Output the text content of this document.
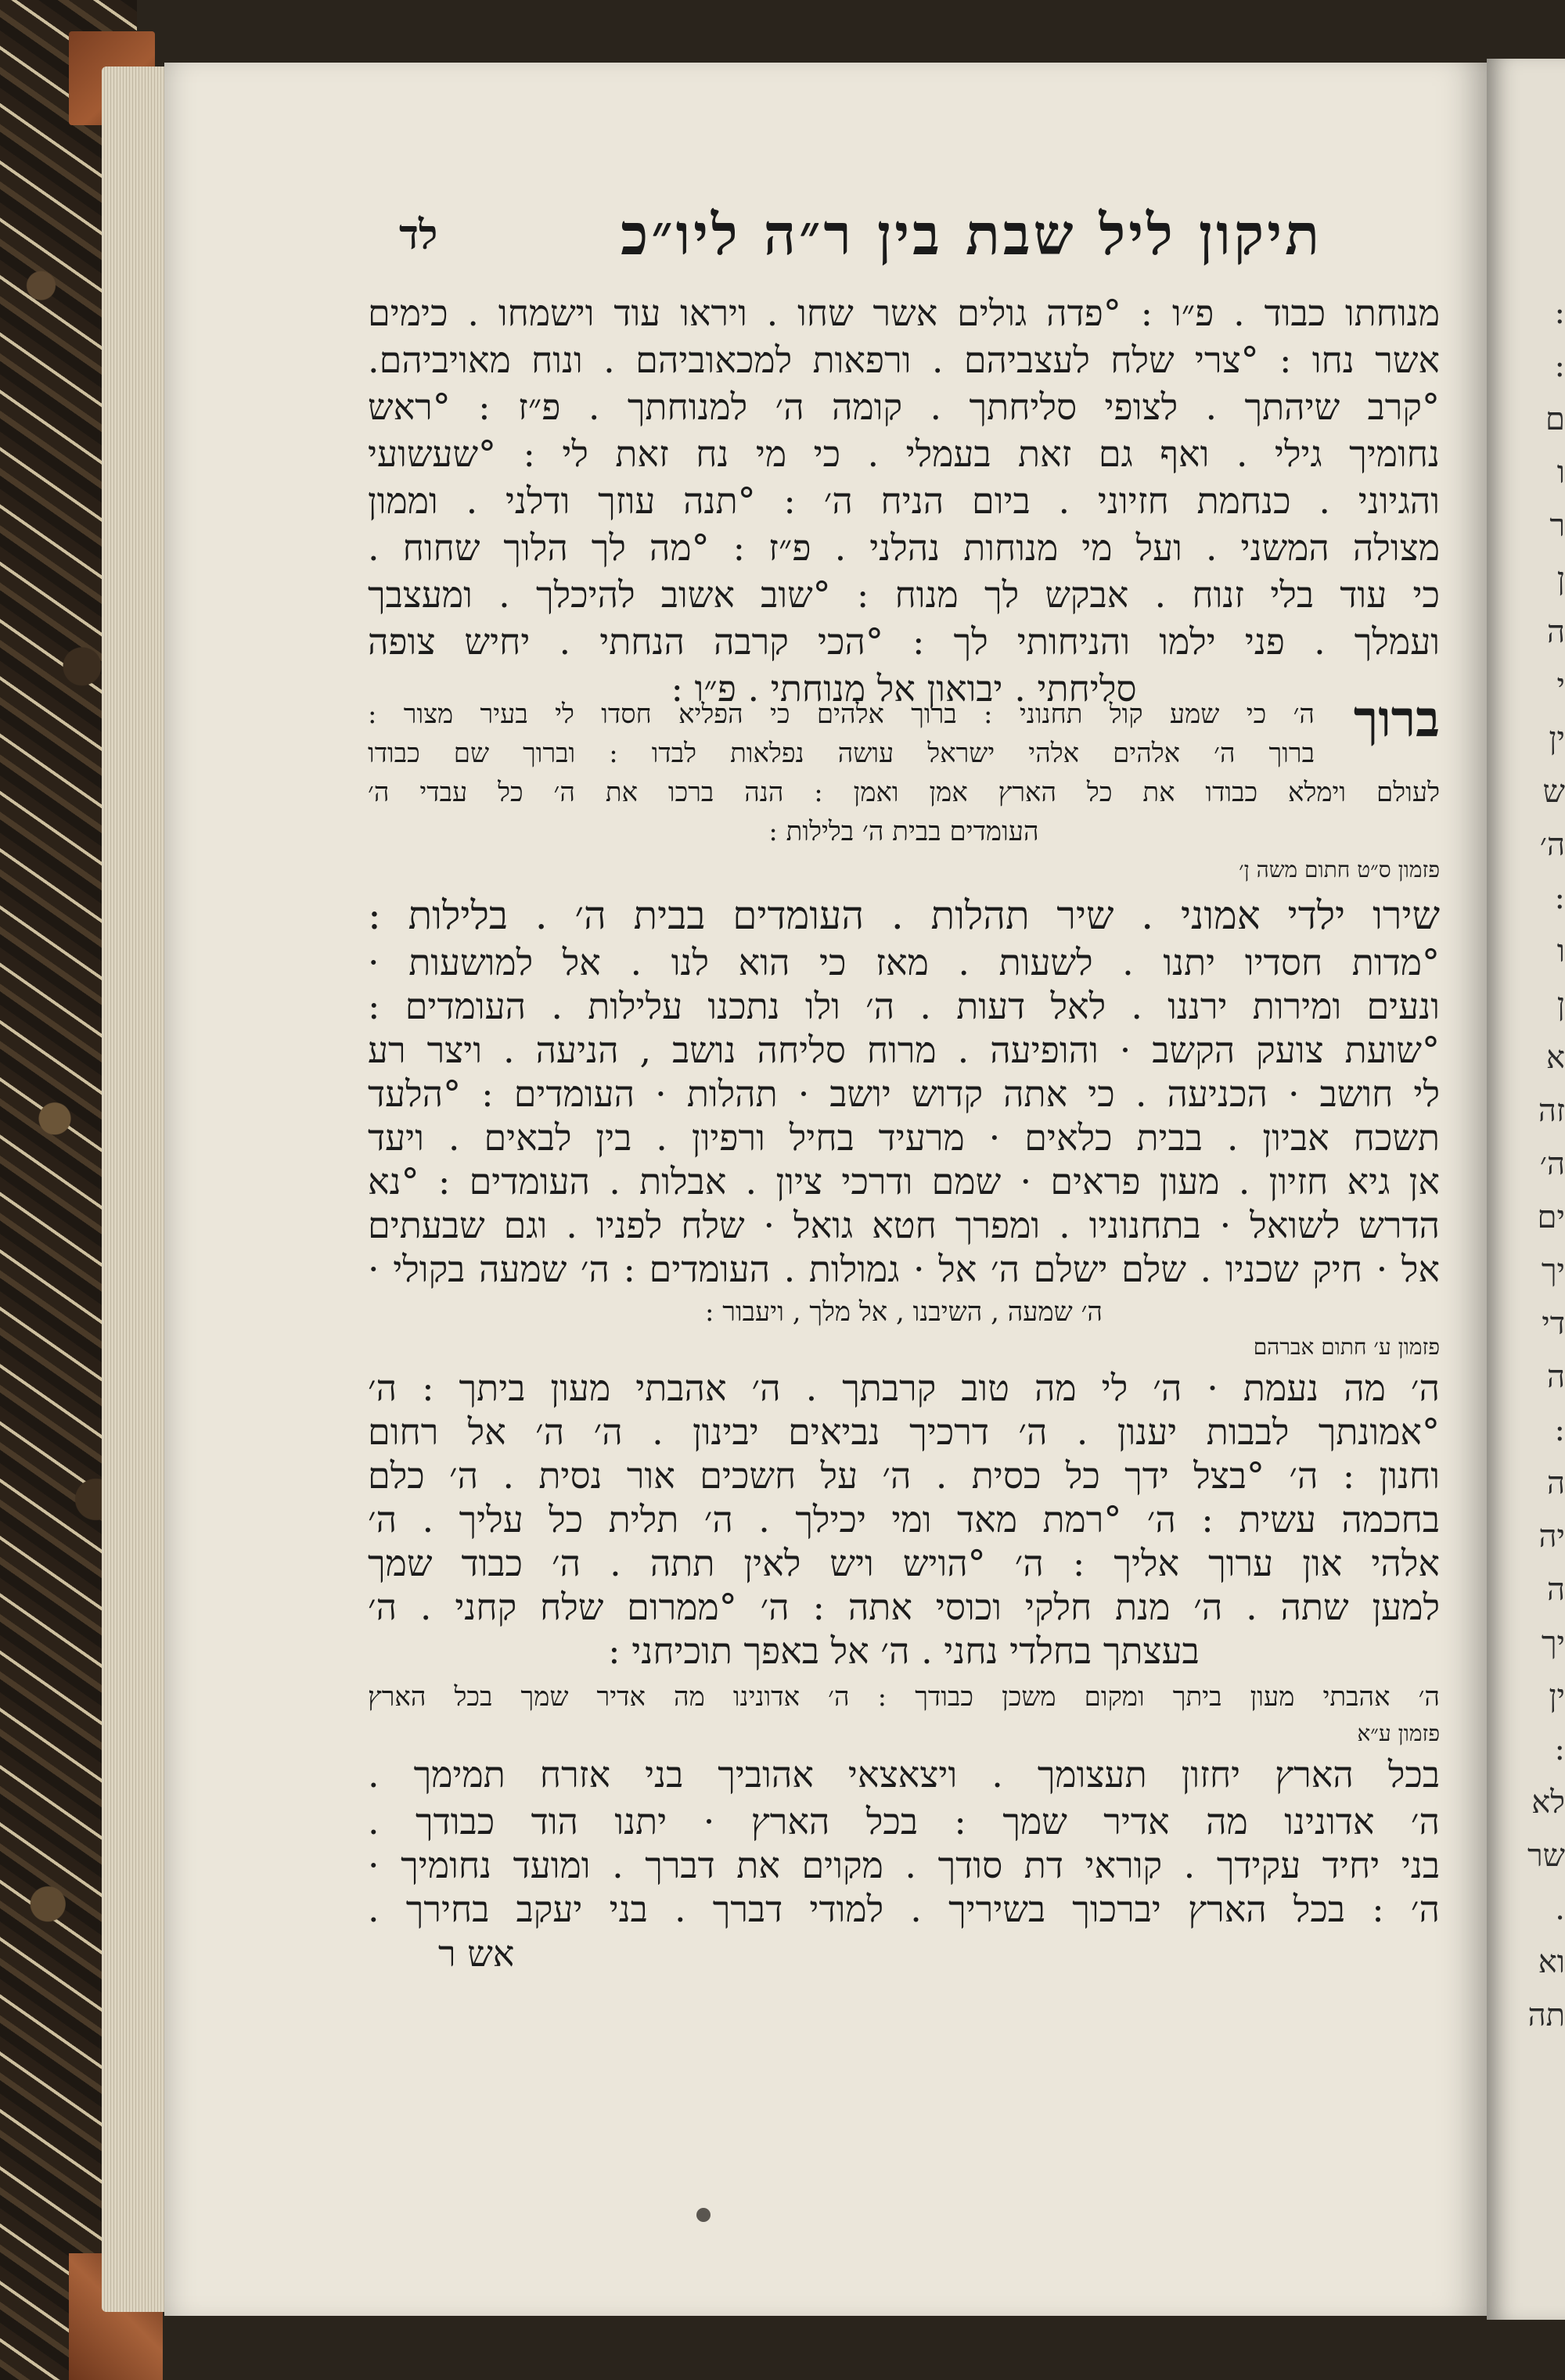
:
:
ם
ו
ר
ן
ה
י
ין
ש
ה׳
:
ו
ן
א
זה
ה׳
ים
יך
די
ה
:
ה
יה
ה
יך
ין
:
לא
שר
.
וא
תה
תיקון ליל שבת בין ר״ה ליו״כ
לד
מנוחתו כבוד . פ״ו : °פדה גולים אשר שחו . ויראו עוד וישמחו . כימים
אשר נחו : °צרי שלח לעצביהם . ורפאות למכאוביהם . ונוח מאויביהם.
°קרב שיהתך . לצופי סליחתך . קומה ה׳ למנוחתך . פ״ז : °ראש
נחומיך גילי . ואף גם זאת בעמלי . כי מי נח זאת לי : °שעשועי
והגיוני . כנחמת חזיוני . ביום הניח ה׳ : °תנה עוזך ודלני . וממון
מצולה המשני . ועל מי מנוחות נהלני . פ״ז : °מה לך הלוך שחוח .
כי עוד בלי זנוח . אבקש לך מנוח : °שוב אשוב להיכלך . ומעצבך
ועמלך . פני ילמו והניחותי לך : °הכי קרבה הנחתי . יחיש צופה
סליחתי . יבואון אל מנוחתי . פ״ו :
ברוך
ה׳ כי שמע קול תחנוני : ברוך אלהים כי הפליא חסדו לי בעיר מצור :
ברוך ה׳ אלהים אלהי ישראל עושה נפלאות לבדו : וברוך שם כבודו
לעולם וימלא כבודו את כל הארץ אמן ואמן : הנה ברכו את ה׳ כל עבדי ה׳
העומדים בבית ה׳ בלילות :
פזמון ס״ט חתום משה ן׳
שירו ילדי אמוני . שיר תהלות . העומדים בבית ה׳ . בלילות :
°מדות חסדיו יתנו . לשעות . מאז כי הוא לנו . אל למושעות ·
ונעים ומירות ירננו . לאל דעות . ה׳ ולו נתכנו עלילות . העומדים :
°שועת צועק הקשב · והופיעה . מרוח סליחה נושב , הניעה . ויצר רע
לי חושב · הכניעה . כי אתה קדוש יושב · תהלות · העומדים : °הלעד
תשכח אביון . בבית כלאים · מרעיד בחיל ורפיון . בין לבאים . ויעד
אן גיא חזיון . מעון פראים · שמם ודרכי ציון . אבלות . העומדים : °נא
הדרש לשואל · בתחנוניו . ומפרך חטא גואל · שלח לפניו . וגם שבעתים
אל · חיק שכניו . שלם ישלם ה׳ אל · גמולות . העומדים : ה׳ שמעה בקולי ·
ה׳ שמעה , השיבנו , אל מלך , ויעבור :
פזמון ע׳ חתום אברהם
ה׳ מה נעמת · ה׳ לי מה טוב קרבתך . ה׳ אהבתי מעון ביתך : ה׳
°אמונתך לבבות יענון . ה׳ דרכיך נביאים יבינון . ה׳ ה׳ אל רחום
וחנון : ה׳ °בצל ידך כל כסית . ה׳ על חשכים אור נסית . ה׳ כלם
בחכמה עשית : ה׳ °רמת מאד ומי יכילך . ה׳ תלית כל עליך . ה׳
אלהי און ערוך אליך : ה׳ °הויש ויש לאין תתה . ה׳ כבוד שמך
למען שתה . ה׳ מנת חלקי וכוסי אתה : ה׳ °ממרום שלח קחני . ה׳
בעצתך בחלדי נחני . ה׳ אל באפך תוכיחני :
ה׳ אהבתי מעון ביתך ומקום משכן כבודך : ה׳ אדונינו מה אדיר שמך בכל הארץ
פזמון ע״א
בכל הארץ יחזון תעצומך . ויצאצאי אהוביך בני אזרח תמימך .
ה׳ אדונינו מה אדיר שמך : בכל הארץ · יתנו הוד כבודך .
בני יחיד עקידך . קוראי דת סודך . מקוים את דברך . ומועד נחומיך ·
ה׳ : בכל הארץ יברכוך בשיריך . למודי דברך . בני יעקב בחירך .
אש ר
